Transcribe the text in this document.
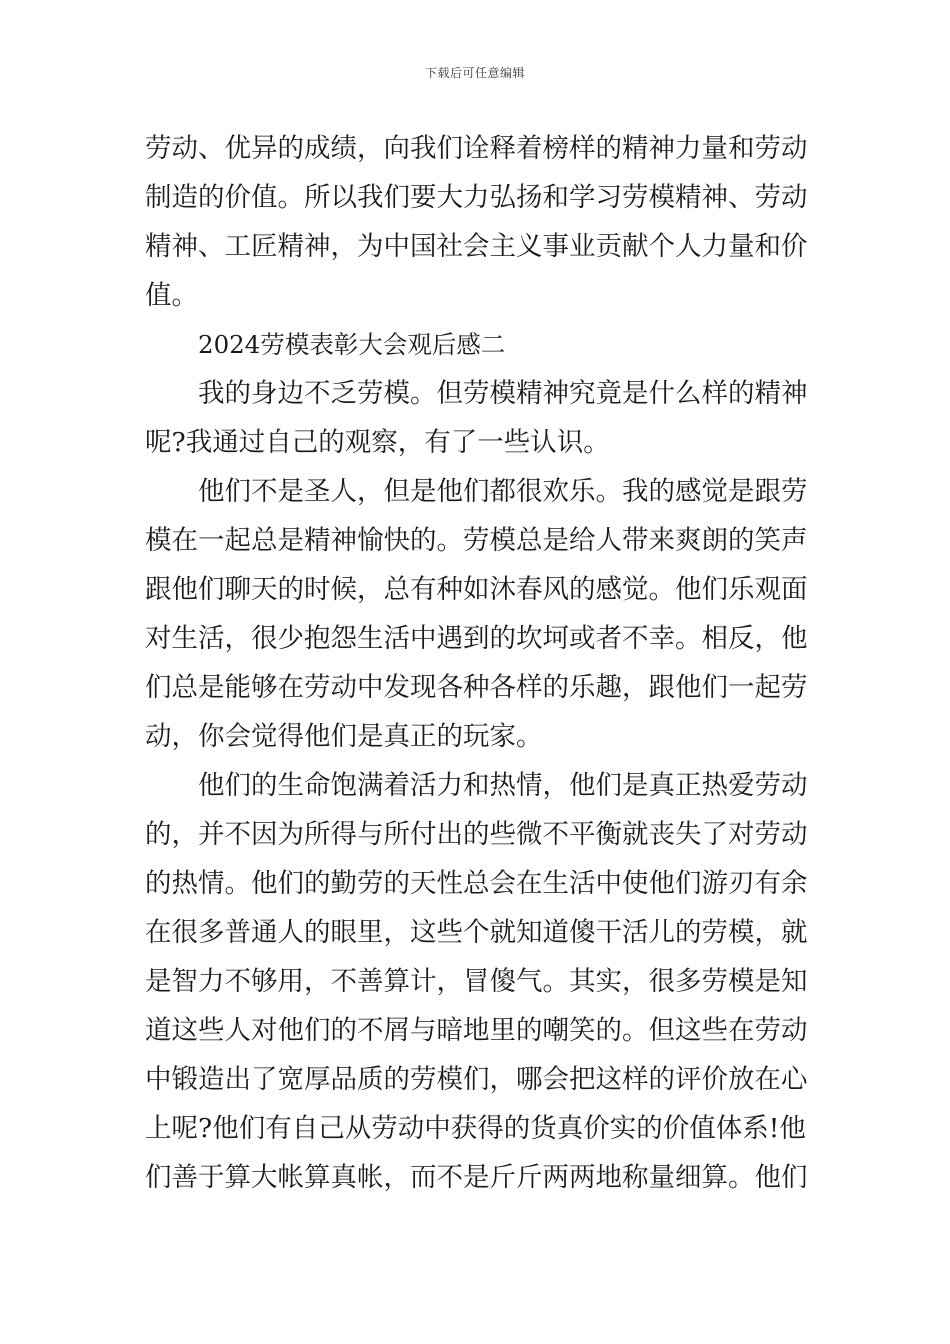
下载后可任意编辑
劳动、优异的成绩，向我们诠释着榜样的精神力量和劳动
制造的价值。所以我们要大力弘扬和学习劳模精神、劳动
精神、工匠精神，为中国社会主义事业贡献个人力量和价
值。
2024劳模表彰大会观后感二
我的身边不乏劳模。但劳模精神究竟是什么样的精神
呢?我通过自己的观察，有了一些认识。
他们不是圣人，但是他们都很欢乐。我的感觉是跟劳
模在一起总是精神愉快的。劳模总是给人带来爽朗的笑声
跟他们聊天的时候，总有种如沐春风的感觉。他们乐观面
对生活，很少抱怨生活中遇到的坎坷或者不幸。相反，他
们总是能够在劳动中发现各种各样的乐趣，跟他们一起劳
动，你会觉得他们是真正的玩家。
他们的生命饱满着活力和热情，他们是真正热爱劳动
的，并不因为所得与所付出的些微不平衡就丧失了对劳动
的热情。他们的勤劳的天性总会在生活中使他们游刃有余
在很多普通人的眼里，这些个就知道傻干活儿的劳模，就
是智力不够用，不善算计，冒傻气。其实，很多劳模是知
道这些人对他们的不屑与暗地里的嘲笑的。但这些在劳动
中锻造出了宽厚品质的劳模们，哪会把这样的评价放在心
上呢?他们有自己从劳动中获得的货真价实的价值体系!他
们善于算大帐算真帐，而不是斤斤两两地称量细算。他们
